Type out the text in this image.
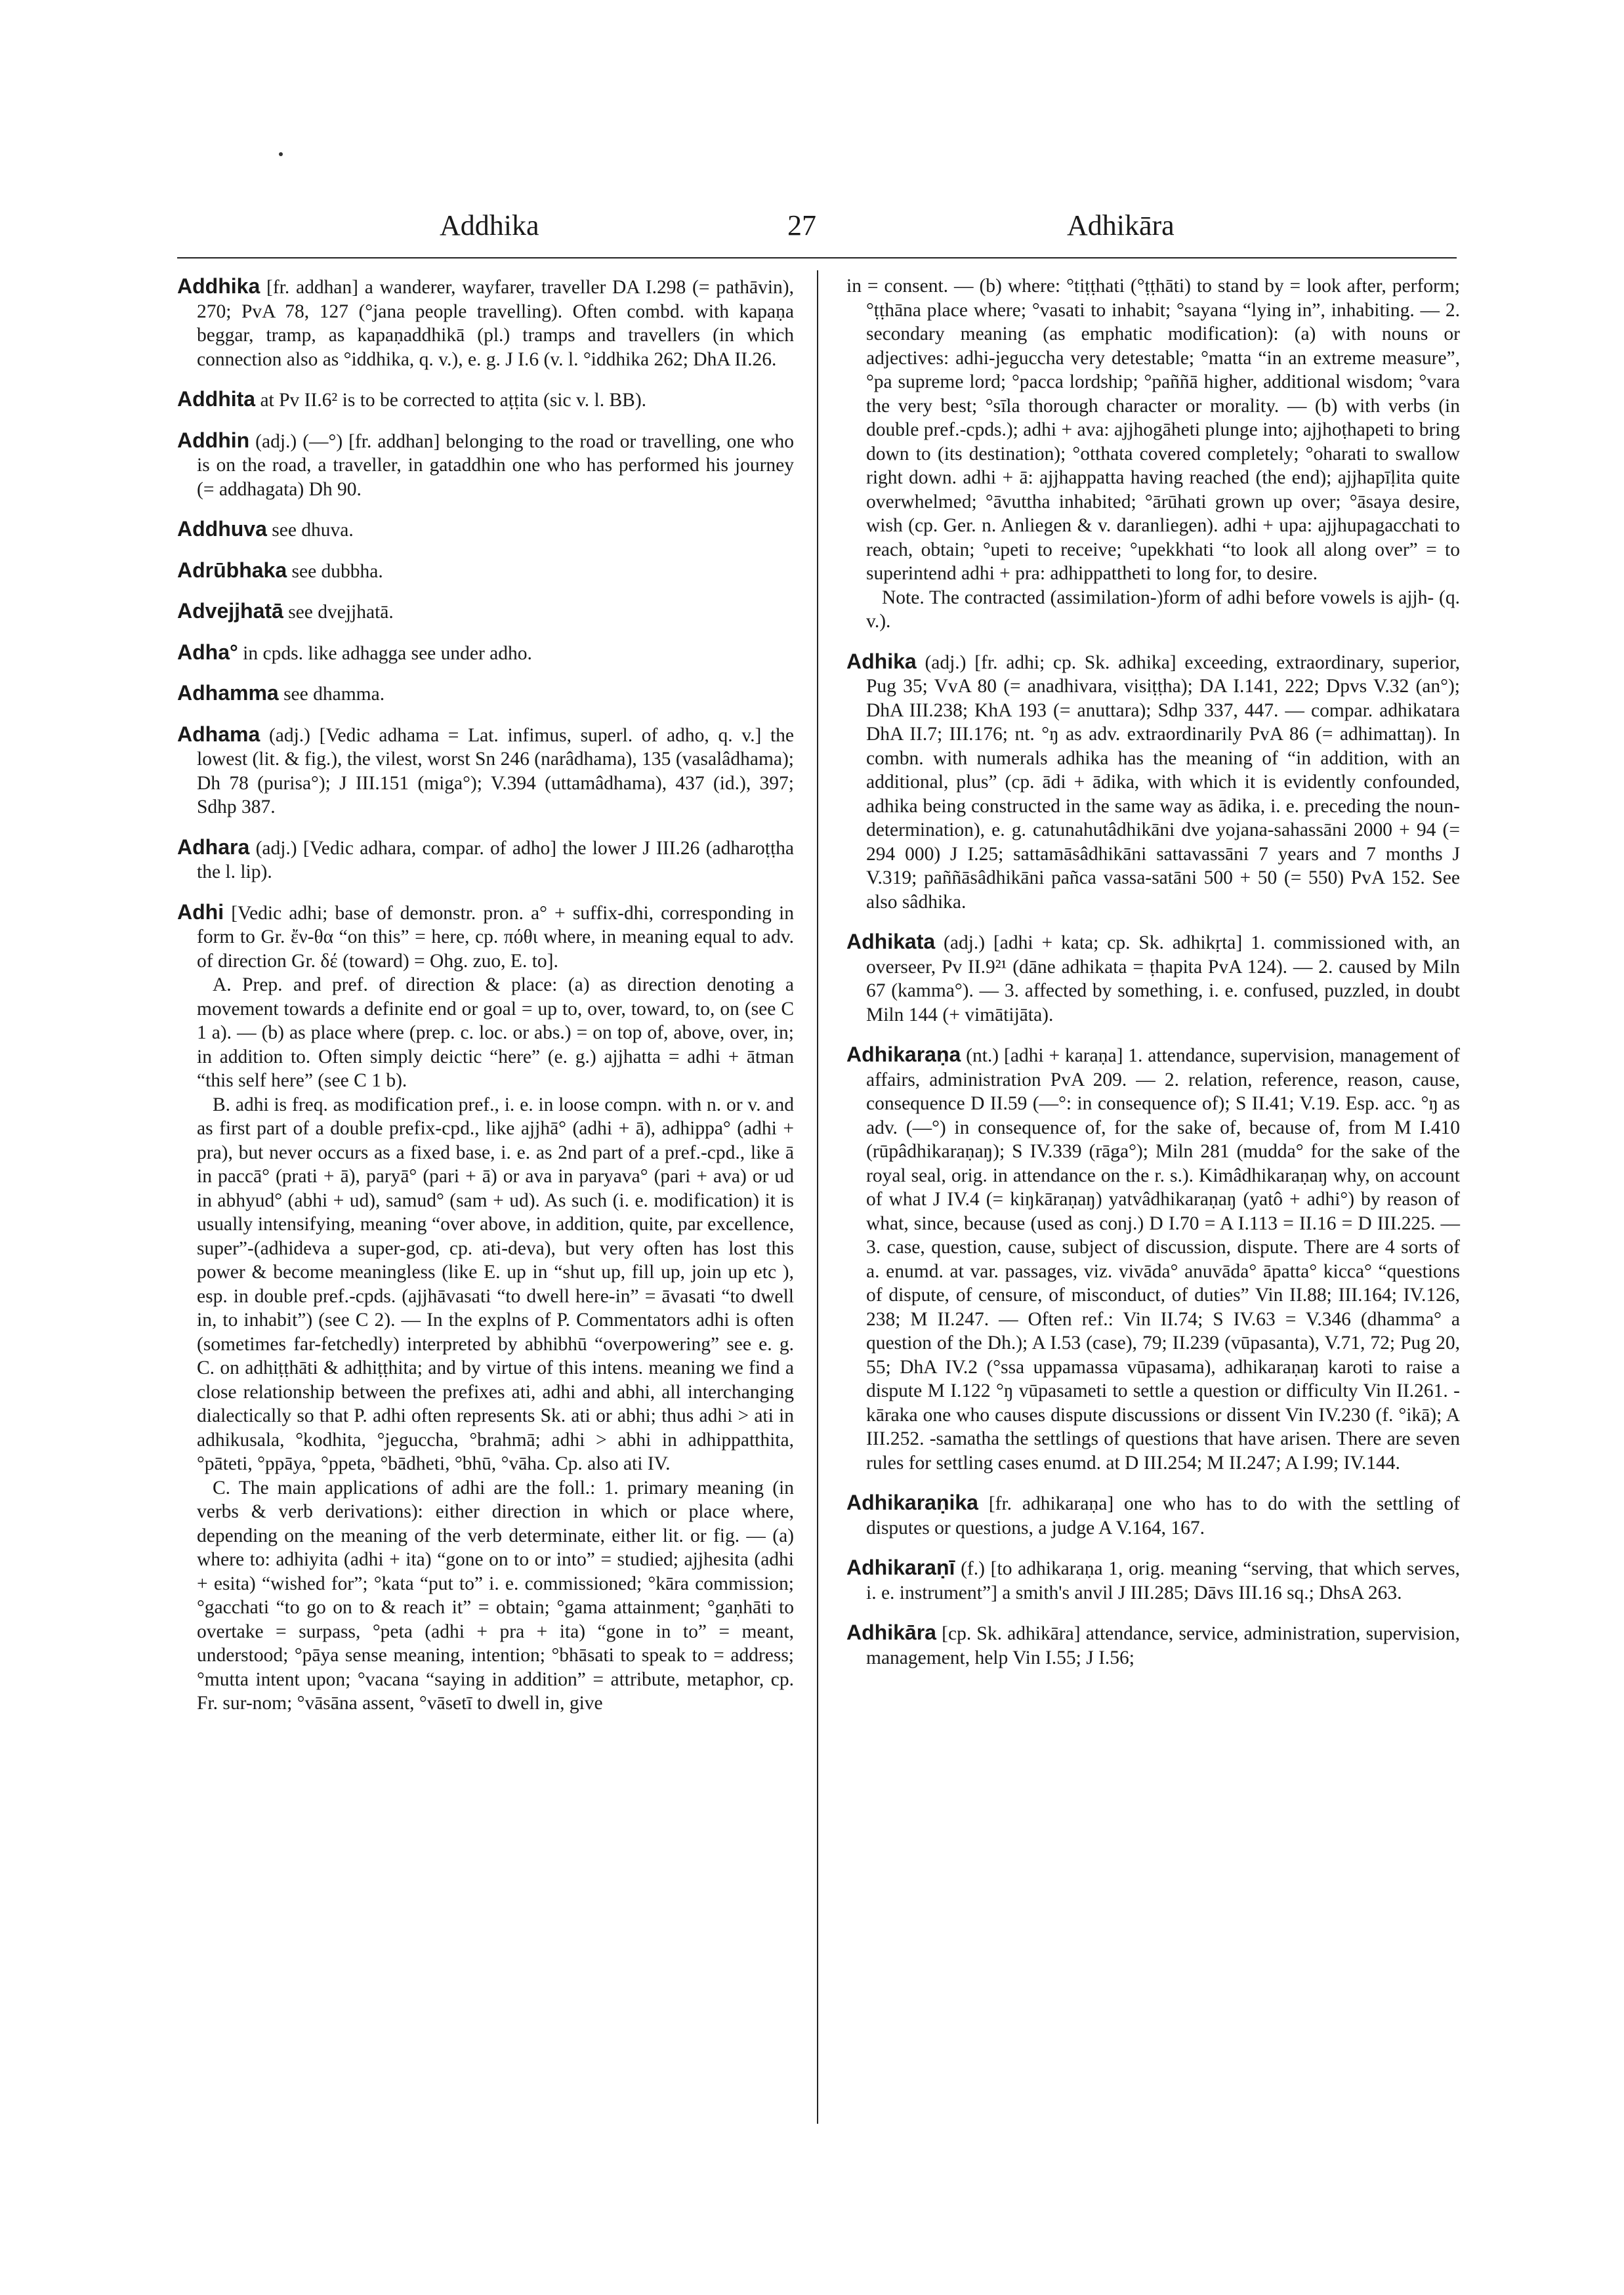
Addhika	27	Adhikāra
Addhika [fr. addhan] a wanderer, wayfarer, traveller DA I.298 (= pathāvin), 270; PvA 78, 127 (°jana people travelling). Often combd. with kapaṇa beggar, tramp, as kapaṇaddhikā (pl.) tramps and travellers (in which connection also as °iddhika, q. v.), e. g. J I.6 (v. l. °iddhika 262; DhA II.26.
Addhita at Pv II.6² is to be corrected to aṭṭita (sic v. l. BB).
Addhin (adj.) (—°) [fr. addhan] belonging to the road or travelling, one who is on the road, a traveller, in gataddhin one who has performed his journey (= addhagata) Dh 90.
Addhuva see dhuva.
Adrūbhaka see dubbha.
Advejjhatā see dvejjhatā.
Adha° in cpds. like adhagga see under adho.
Adhamma see dhamma.
Adhama (adj.) [Vedic adhama = Lat. infimus, superl. of adho, q. v.] the lowest (lit. & fig.), the vilest, worst Sn 246 (narâdhama), 135 (vasalâdhama); Dh 78 (purisa°); J III.151 (miga°); V.394 (uttamâdhama), 437 (id.), 397; Sdhp 387.
Adhara (adj.) [Vedic adhara, compar. of adho] the lower J III.26 (adharoṭṭha the l. lip).
Adhi [Vedic adhi; base of demonstr. pron. a° + suffix-dhi, corresponding in form to Gr. ἔν-θα “on this” = here, cp. πόθι where, in meaning equal to adv. of direction Gr. δέ (toward) = Ohg. zuo, E. to].

A. Prep. and pref. of direction & place: (a) as direction denoting a movement towards a definite end or goal = up to, over, toward, to, on (see C 1 a). — (b) as place where (prep. c. loc. or abs.) = on top of, above, over, in; in addition to. Often simply deictic “here” (e. g.) ajjhatta = adhi + ātman “this self here” (see C 1 b).

B. adhi is freq. as modification pref., i. e. in loose compn. with n. or v. and as first part of a double prefix-cpd., like ajjhā° (adhi + ā), adhippa° (adhi + pra), but never occurs as a fixed base, i. e. as 2nd part of a pref.-cpd., like ā in paccā° (prati + ā), paryā° (pari + ā) or ava in paryava° (pari + ava) or ud in abhyud° (abhi + ud), samud° (sam + ud). As such (i. e. modification) it is usually intensifying, meaning “over above, in addition, quite, par excellence, super”-(adhideva a super-god, cp. ati-deva), but very often has lost this power & become meaningless (like E. up in “shut up, fill up, join up etc ), esp. in double pref.-cpds. (ajjhāvasati “to dwell here-in” = āvasati “to dwell in, to inhabit”) (see C 2). — In the explns of P. Commentators adhi is often (sometimes far-fetchedly) interpreted by abhibhū “overpowering” see e. g. C. on adhiṭṭhāti & adhiṭṭhita; and by virtue of this intens. meaning we find a close relationship between the prefixes ati, adhi and abhi, all interchanging dialectically so that P. adhi often represents Sk. ati or abhi; thus adhi > ati in adhikusala, °kodhita, °jeguccha, °brahmā; adhi > abhi in adhippatthita, °pāteti, °ppāya, °ppeta, °bādheti, °bhū, °vāha. Cp. also ati IV.

C. The main applications of adhi are the foll.: 1. primary meaning (in verbs & verb derivations): either direction in which or place where, depending on the meaning of the verb determinate, either lit. or fig. — (a) where to: adhiyita (adhi + ita) “gone on to or into” = studied; ajjhesita (adhi + esita) “wished for”; °kata “put to” i. e. commissioned; °kāra commission; °gacchati “to go on to & reach it” = obtain; °gama attainment; °gaṇhāti to overtake = surpass, °peta (adhi + pra + ita) “gone in to” = meant, understood; °pāya sense meaning, intention; °bhāsati to speak to = address; °mutta intent upon; °vacana “saying in addition” = attribute, metaphor, cp. Fr. sur-nom; °vāsāna assent, °vāsetī to dwell in, give

in = consent. — (b) where: °tiṭṭhati (°ṭṭhāti) to stand by = look after, perform; °ṭṭhāna place where; °vasati to inhabit; °sayana “lying in”, inhabiting. — 2. secondary meaning (as emphatic modification): (a) with nouns or adjectives: adhi-jeguccha very detestable; °matta “in an extreme measure”, °pa supreme lord; °pacca lordship; °paññā higher, additional wisdom; °vara the very best; °sīla thorough character or morality. — (b) with verbs (in double pref.-cpds.); adhi + ava: ajjhogāheti plunge into; ajjhoṭhapeti to bring down to (its destination); °otthata covered completely; °oharati to swallow right down. adhi + ā: ajjhappatta having reached (the end); ajjhapīḷita quite overwhelmed; °āvuttha inhabited; °ārūhati grown up over; °āsaya desire, wish (cp. Ger. n. Anliegen & v. daranliegen). adhi + upa: ajjhupagacchati to reach, obtain; °upeti to receive; °upekkhati “to look all along over” = to superintend adhi + pra: adhippattheti to long for, to desire.

Note. The contracted (assimilation-)form of adhi before vowels is ajjh- (q. v.).

Adhika (adj.) [fr. adhi; cp. Sk. adhika] exceeding, extraordinary, superior, Pug 35; VvA 80 (= anadhivara, visiṭṭha); DA I.141, 222; Dpvs V.32 (an°); DhA III.238; KhA 193 (= anuttara); Sdhp 337, 447. — compar. adhikatara DhA II.7; III.176; nt. °ŋ as adv. extraordinarily PvA 86 (= adhimattaŋ). In combn. with numerals adhika has the meaning of “in addition, with an additional, plus” (cp. ādi + ādika, with which it is evidently confounded, adhika being constructed in the same way as ādika, i. e. preceding the noun-determination), e. g. catunahutâdhikāni dve yojana-sahassāni 2000 + 94 (= 294 000) J I.25; sattamāsâdhikāni sattavassāni 7 years and 7 months J V.319; paññāsâdhikāni pañca vassa-satāni 500 + 50 (= 550) PvA 152. See also sâdhika.
Adhikata (adj.) [adhi + kata; cp. Sk. adhikṛta] 1. commissioned with, an overseer, Pv II.9²¹ (dāne adhikata = ṭhapita PvA 124). — 2. caused by Miln 67 (kamma°). — 3. affected by something, i. e. confused, puzzled, in doubt Miln 144 (+ vimātijāta).
Adhikaraṇa (nt.) [adhi + karaṇa] 1. attendance, supervision, management of affairs, administration PvA 209. — 2. relation, reference, reason, cause, consequence D II.59 (—°: in consequence of); S II.41; V.19. Esp. acc. °ŋ as adv. (—°) in consequence of, for the sake of, because of, from M I.410 (rūpâdhikaraṇaŋ); S IV.339 (rāga°); Miln 281 (mudda° for the sake of the royal seal, orig. in attendance on the r. s.). Kimâdhikaraṇaŋ why, on account of what J IV.4 (= kiŋkāraṇaŋ) yatvâdhikaraṇaŋ (yatô + adhi°) by reason of what, since, because (used as conj.) D I.70 = A I.113 = II.16 = D III.225. — 3. case, question, cause, subject of discussion, dispute. There are 4 sorts of a. enumd. at var. passages, viz. vivāda° anuvāda° āpatta° kicca° “questions of dispute, of censure, of misconduct, of duties” Vin II.88; III.164; IV.126, 238; M II.247. — Often ref.: Vin II.74; S IV.63 = V.346 (dhamma° a question of the Dh.); A I.53 (case), 79; II.239 (vūpasanta), V.71, 72; Pug 20, 55; DhA IV.2 (°ssa uppamassa vūpasama), adhikaraṇaŋ karoti to raise a dispute M I.122 °ŋ vūpasameti to settle a question or difficulty Vin II.261. -kāraka one who causes dispute discussions or dissent Vin IV.230 (f. °ikā); A III.252. -samatha the settlings of questions that have arisen. There are seven rules for settling cases enumd. at D III.254; M II.247; A I.99; IV.144.
Adhikaraṇika [fr. adhikaraṇa] one who has to do with the settling of disputes or questions, a judge A V.164, 167.
Adhikaraṇī (f.) [to adhikaraṇa 1, orig. meaning “serving, that which serves, i. e. instrument”] a smith's anvil J III.285; Dāvs III.16 sq.; DhsA 263.
Adhikāra [cp. Sk. adhikāra] attendance, service, administration, supervision, management, help Vin I.55; J I.56;
